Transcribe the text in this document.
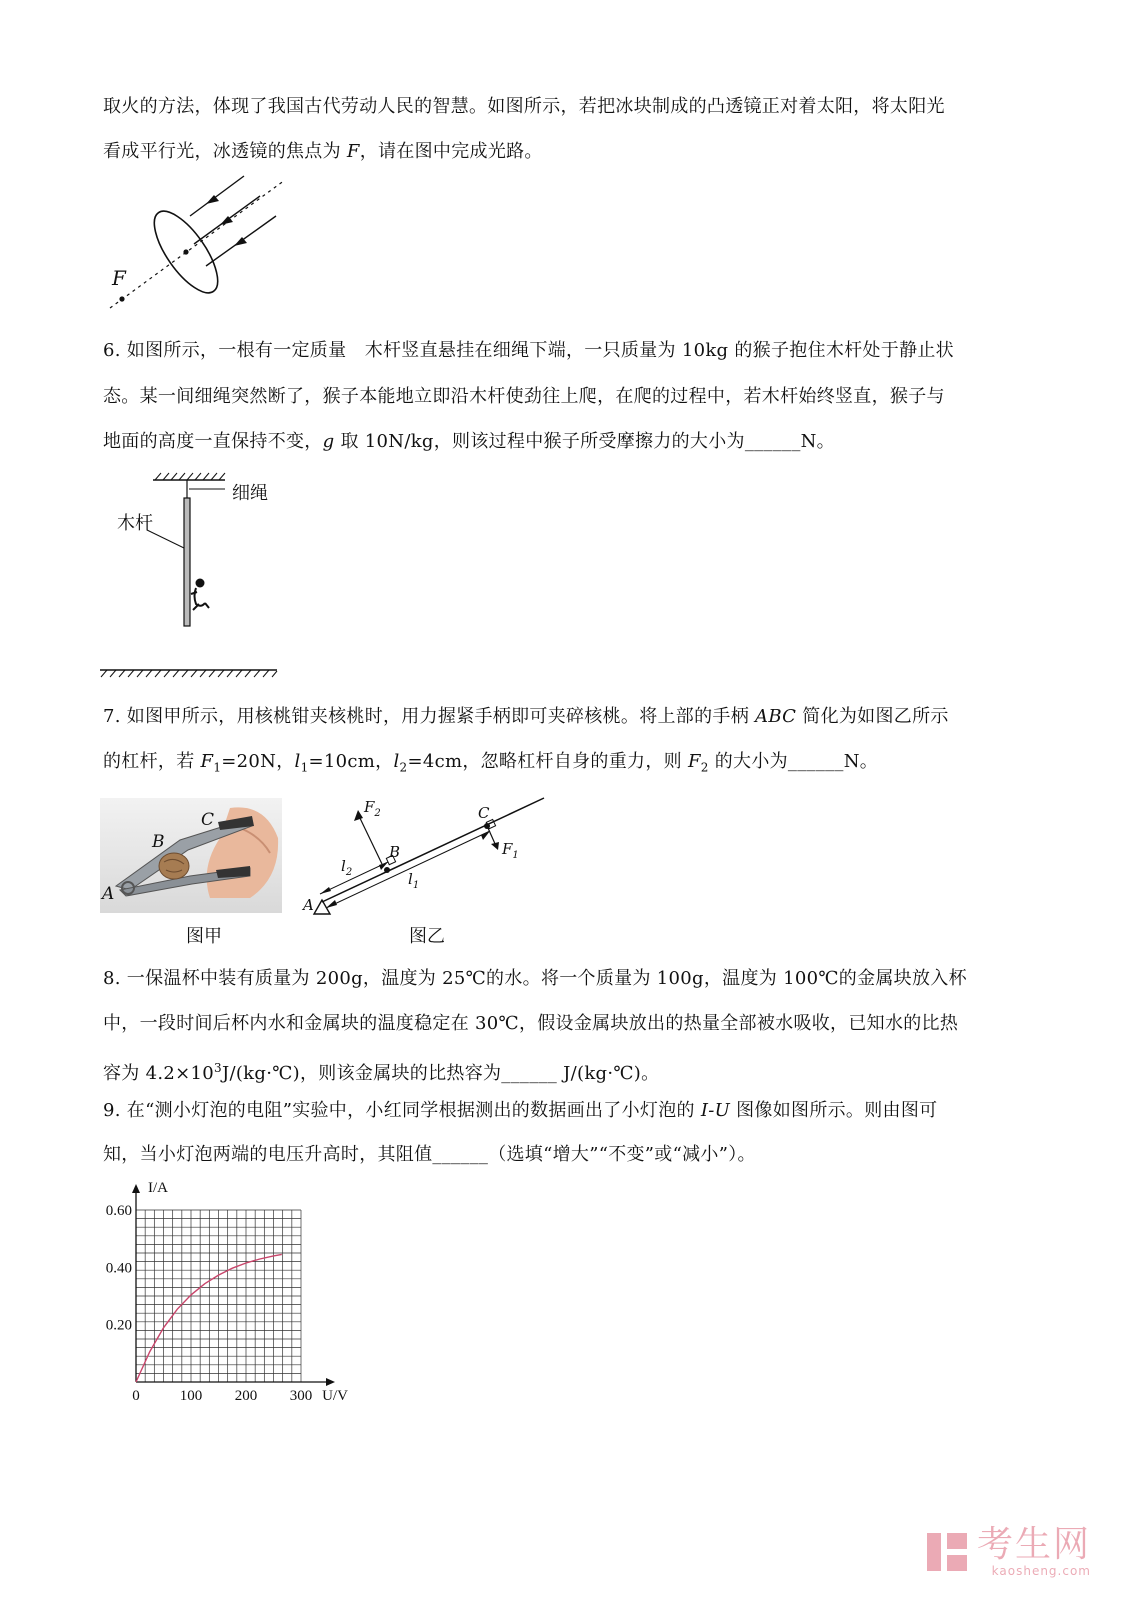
取火的方法，体现了我国古代劳动人民的智慧。如图所示，若把冰块制成的凸透镜正对着太阳，将太阳光
看成平行光，冰透镜的焦点为 F，请在图中完成光路。
F
6. 如图所示，一根有一定质量　木杆竖直悬挂在细绳下端，一只质量为 10kg 的猴子抱住木杆处于静止状
态。某一间细绳突然断了，猴子本能地立即沿木杆使劲往上爬，在爬的过程中，若木杆始终竖直，猴子与
地面的高度一直保持不变，g 取 10N/kg，则该过程中猴子所受摩擦力的大小为______N。
细绳
木杆
7. 如图甲所示，用核桃钳夹核桃时，用力握紧手柄即可夹碎核桃。将上部的手柄 ABC 简化为如图乙所示
的杠杆，若 $F_1=20N$，$l_1=10cm$，$l_2=4cm$，忽略杠杆自身的重力，则 $F_2$ 的大小为______N。
A
B
C
$F_2$	C
$F_1$
B
$l_2$	$l_1$
A
图甲	图乙
8. 一保温杯中装有质量为 200g，温度为 25℃的水。将一个质量为 100g，温度为 100℃的金属块放入杯
中，一段时间后杯内水和金属块的温度稳定在 30℃，假设金属块放出的热量全部被水吸收，已知水的比热
容为 $4.2\times 10^3J/(kg\cdot℃)$，则该金属块的比热容为______ J/(kg·℃)。
9. 在“测小灯泡的电阻”实验中，小红同学根据测出的数据画出了小灯泡的 I-U 图像如图所示。则由图可
知，当小灯泡两端的电压升高时，其阻值______（选填“增大”“不变”或“减小”）。
0	100 200 300
0.20
0.40
0.60
U/V
I/A
考生网
kaosheng.com
